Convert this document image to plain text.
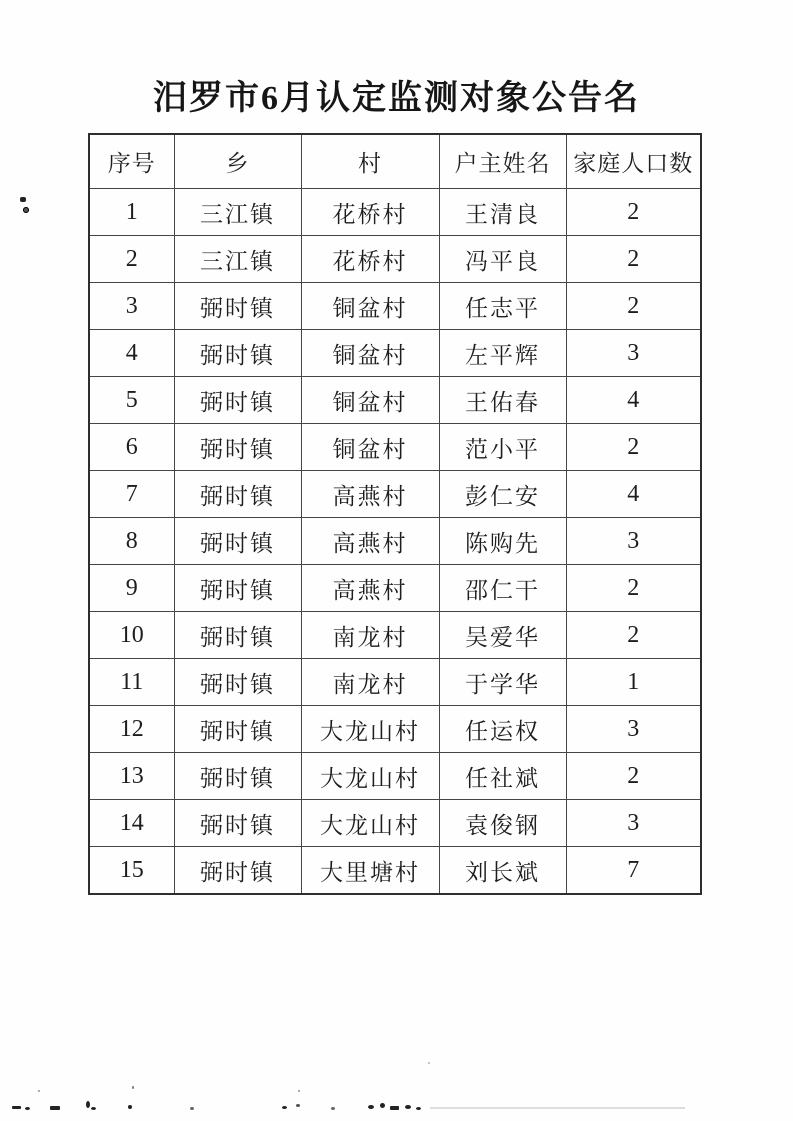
汨罗市6月认定监测对象公告名
序号	乡	村	户主姓名	家庭人口数
1	三江镇	花桥村	王清良	2
2	三江镇	花桥村	冯平良	2
3	弼时镇	铜盆村	任志平	2
4	弼时镇	铜盆村	左平辉	3
5	弼时镇	铜盆村	王佑春	4
6	弼时镇	铜盆村	范小平	2
7	弼时镇	高燕村	彭仁安	4
8	弼时镇	高燕村	陈购先	3
9	弼时镇	高燕村	邵仁干	2
10	弼时镇	南龙村	吴爱华	2
11	弼时镇	南龙村	于学华	1
12	弼时镇	大龙山村	任运权	3
13	弼时镇	大龙山村	任社斌	2
14	弼时镇	大龙山村	袁俊钢	3
15	弼时镇	大里塘村	刘长斌	7
